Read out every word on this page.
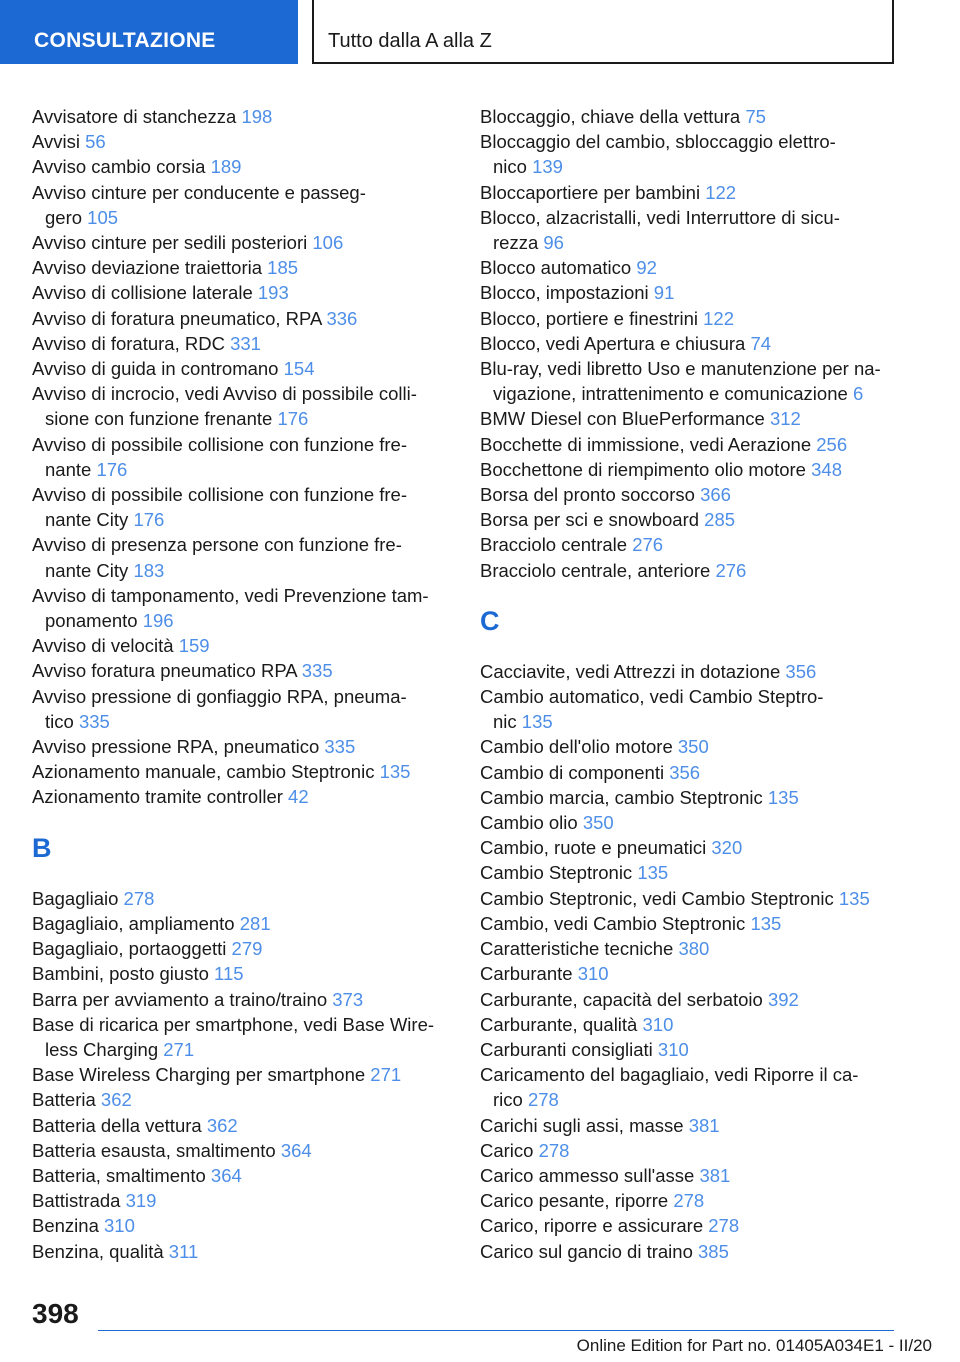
CONSULTAZIONE	Tutto dalla A alla Z
Avvisatore di stanchezza 198
Avvisi 56
Avviso cambio corsia 189
Avviso cinture per conducente e passeg-
gero 105
Avviso cinture per sedili posteriori 106
Avviso deviazione traiettoria 185
Avviso di collisione laterale 193
Avviso di foratura pneumatico, RPA 336
Avviso di foratura, RDC 331
Avviso di guida in contromano 154
Avviso di incrocio, vedi Avviso di possibile colli-
sione con funzione frenante 176
Avviso di possibile collisione con funzione fre-
nante 176
Avviso di possibile collisione con funzione fre-
nante City 176
Avviso di presenza persone con funzione fre-
nante City 183
Avviso di tamponamento, vedi Prevenzione tam-
ponamento 196
Avviso di velocità 159
Avviso foratura pneumatico RPA 335
Avviso pressione di gonfiaggio RPA, pneuma-
tico 335
Avviso pressione RPA, pneumatico 335
Azionamento manuale, cambio Steptronic 135
Azionamento tramite controller 42
B
Bagagliaio 278
Bagagliaio, ampliamento 281
Bagagliaio, portaoggetti 279
Bambini, posto giusto 115
Barra per avviamento a traino/traino 373
Base di ricarica per smartphone, vedi Base Wire-
less Charging 271
Base Wireless Charging per smartphone 271
Batteria 362
Batteria della vettura 362
Batteria esausta, smaltimento 364
Batteria, smaltimento 364
Battistrada 319
Benzina 310
Benzina, qualità 311
Bloccaggio, chiave della vettura 75
Bloccaggio del cambio, sbloccaggio elettro-
nico 139
Bloccaportiere per bambini 122
Blocco, alzacristalli, vedi Interruttore di sicu-
rezza 96
Blocco automatico 92
Blocco, impostazioni 91
Blocco, portiere e finestrini 122
Blocco, vedi Apertura e chiusura 74
Blu-ray, vedi libretto Uso e manutenzione per na-
vigazione, intrattenimento e comunicazione 6
BMW Diesel con BluePerformance 312
Bocchette di immissione, vedi Aerazione 256
Bocchettone di riempimento olio motore 348
Borsa del pronto soccorso 366
Borsa per sci e snowboard 285
Bracciolo centrale 276
Bracciolo centrale, anteriore 276
C
Cacciavite, vedi Attrezzi in dotazione 356
Cambio automatico, vedi Cambio Steptro-
nic 135
Cambio dell'olio motore 350
Cambio di componenti 356
Cambio marcia, cambio Steptronic 135
Cambio olio 350
Cambio, ruote e pneumatici 320
Cambio Steptronic 135
Cambio Steptronic, vedi Cambio Steptronic 135
Cambio, vedi Cambio Steptronic 135
Caratteristiche tecniche 380
Carburante 310
Carburante, capacità del serbatoio 392
Carburante, qualità 310
Carburanti consigliati 310
Caricamento del bagagliaio, vedi Riporre il ca-
rico 278
Carichi sugli assi, masse 381
Carico 278
Carico ammesso sull'asse 381
Carico pesante, riporre 278
Carico, riporre e assicurare 278
Carico sul gancio di traino 385
398
Online Edition for Part no. 01405A034E1 - II/20
